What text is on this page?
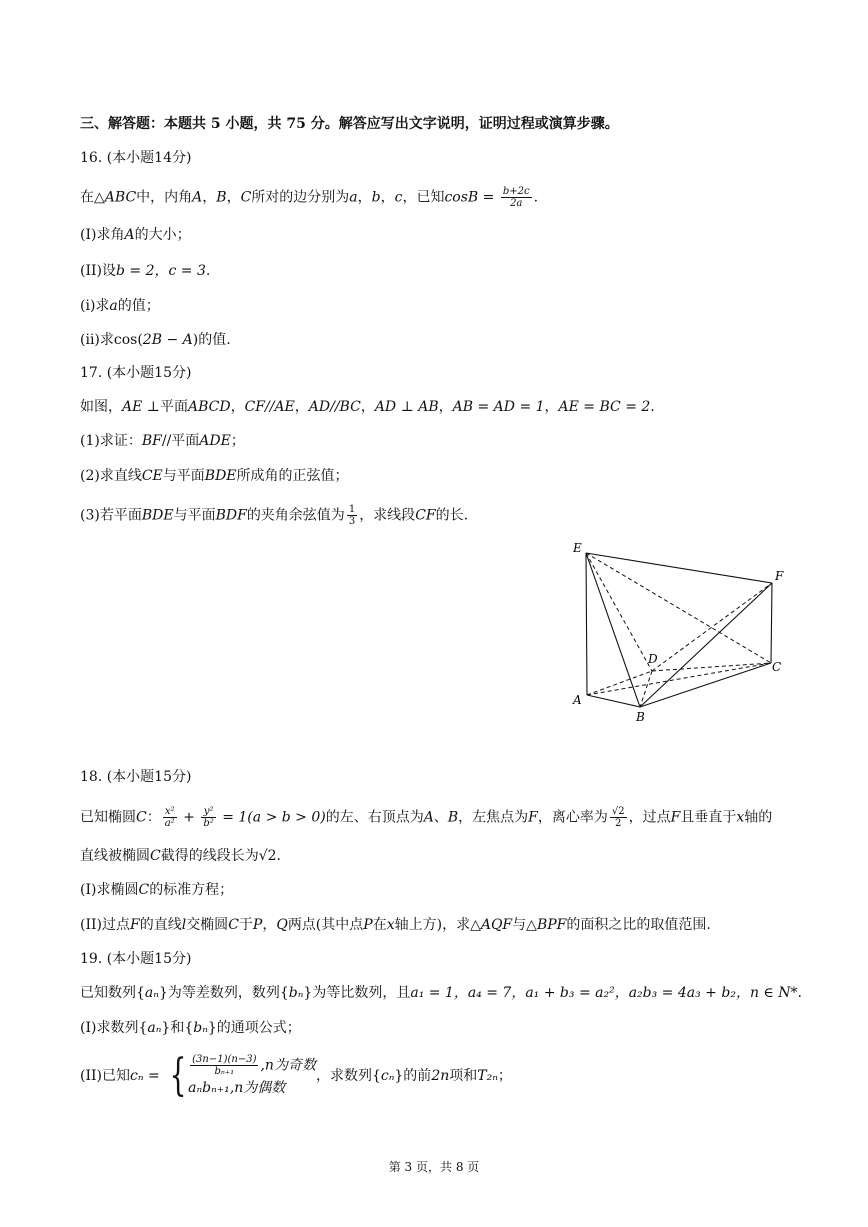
三、解答题：本题共 5 小题，共 75 分。解答应写出文字说明，证明过程或演算步骤。
16. (本小题14分)
在△ABC中，内角A，B，C所对的边分别为a，b，c，已知$\cos B = \frac{b+2c}{2a}$ .
(I)求角A的大小；
(II)设b = 2，c = 3.
(i)求a的值；
(ii)求cos(2B − A)的值.
17. (本小题15分)
如图，AE ⊥平面ABCD，CF//AE，AD//BC，AD ⊥ AB，AB = AD = 1，AE = BC = 2.
(1)求证：BF//平面ADE；
(2)求直线CE与平面BDE所成角的正弦值；
(3)若平面BDE与平面BDF的夹角余弦值为 $\frac{1}{3}$ ，求线段CF的长.
E
F
D
C
A
B
18. (本小题15分)
已知椭圆C： $\frac{\text{x²}}{\text{a²}} + \frac{\text{y²}}{\text{b²}} = 1(a > b > 0)$的左、右顶点为A、B，左焦点为F，离心率为 $\frac{√2}{2}$ ，过点F且垂直于x轴的
直线被椭圆C截得的线段长为√2.
(I)求椭圆C的标准方程；
(II)过点F的直线l交椭圆C于P，Q两点(其中点P在x轴上方)，求△AQF与△BPF的面积之比的取值范围.
19. (本小题15分)
已知数列{aₙ}为等差数列，数列{bₙ}为等比数列，且a₁ = 1，a₄ = 7，a₁ + b₃ = a₂²，a₂b₃ = 4a₃ + b₂，n ∈ N*.
(I)求数列{aₙ}和{bₙ}的通项公式；
(II)已知cₙ = { $\frac{(3n-1)(n-3)}{\text{bₙ₊₁}} ,n$为奇数
aₙbₙ₊₁,n为偶数
，求数列{cₙ}的前2n项和T₂ₙ；
第 3 页，共 8 页
